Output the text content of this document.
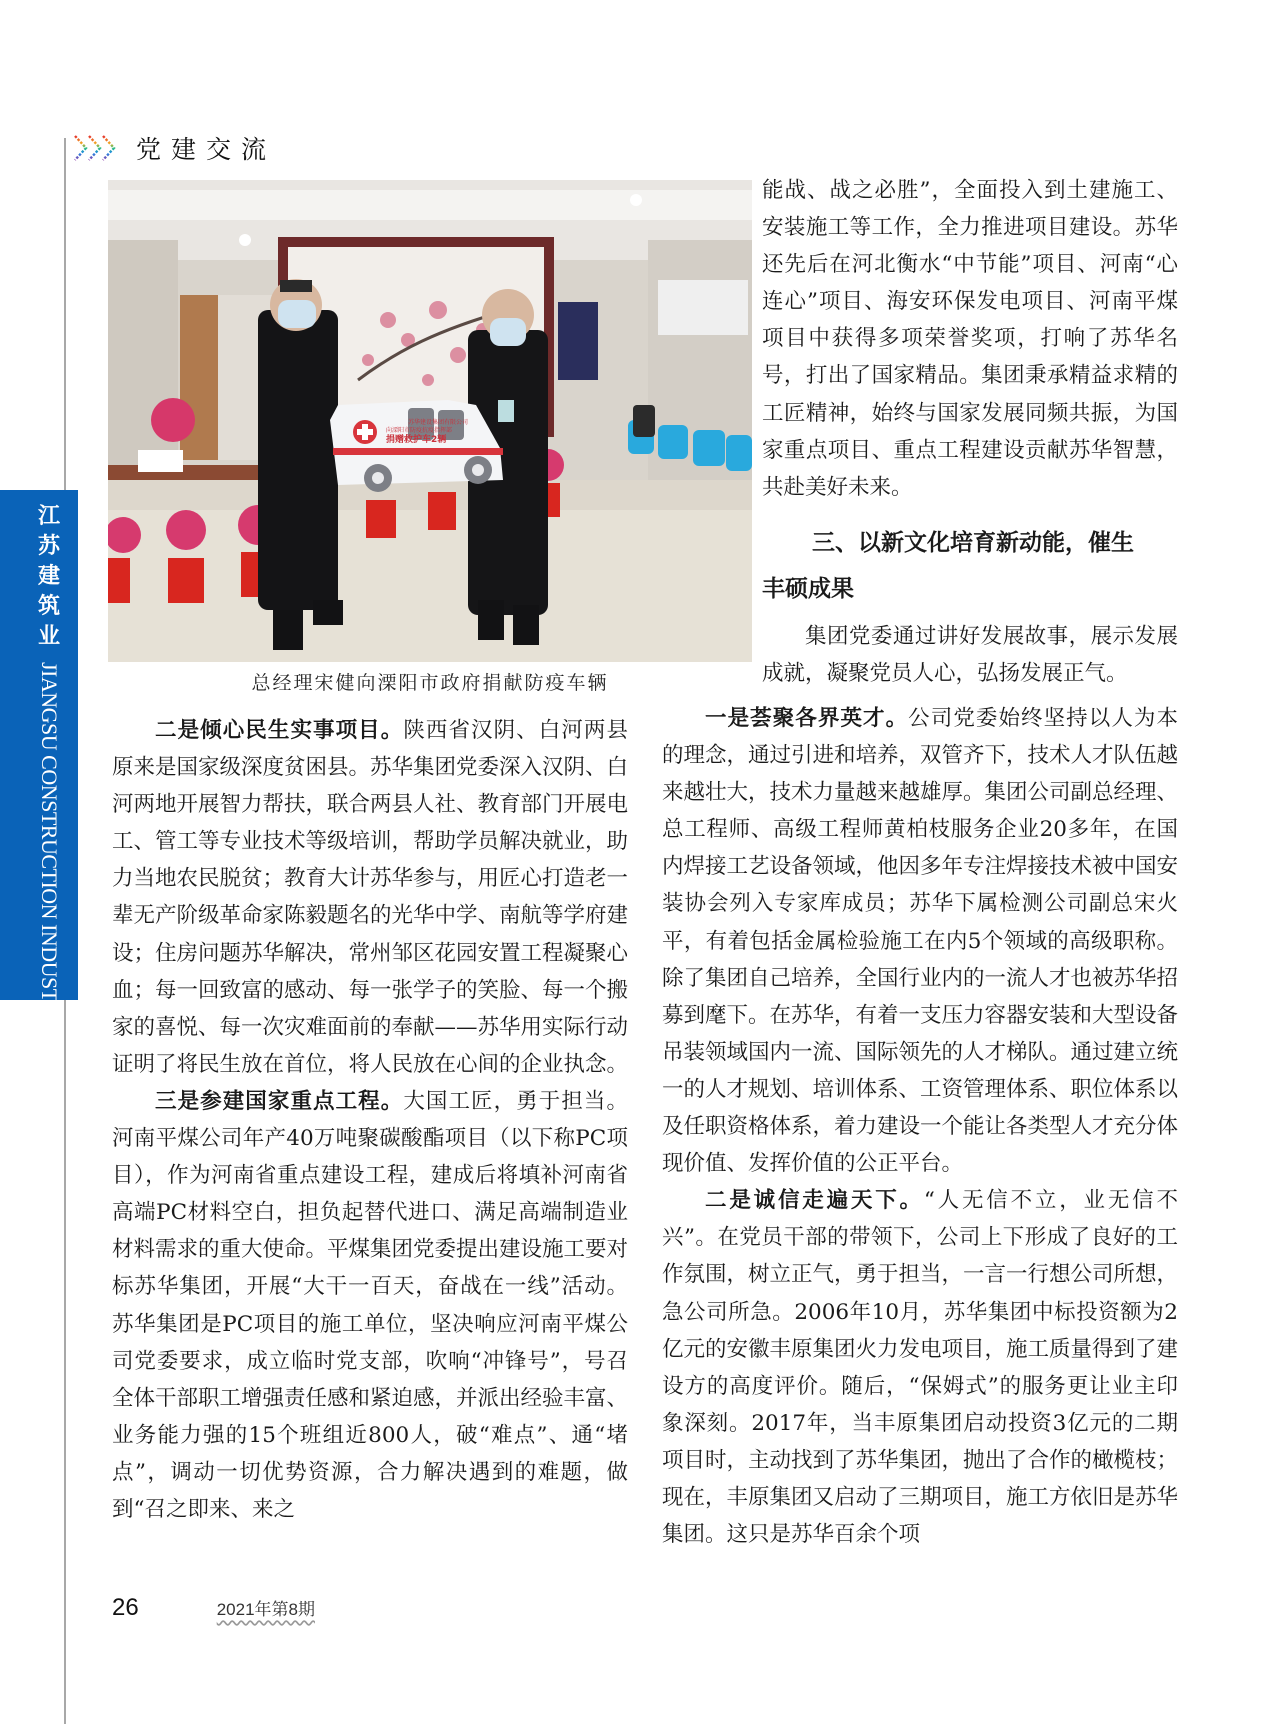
江
苏
建
筑
业
JIANGSU CONSTRUCTION INDUSTRY
党建交流
苏华建设集团有限公司
向溧阳市防疫抗疫指挥部
捐赠救护车2辆
总经理宋健向溧阳市政府捐献防疫车辆

能战、战之必胜”，全面投入到土建施工、安装施工等工作，全力推进项目建设。苏华还先后在河北衡水“中节能”项目、河南“心连心”项目、海安环保发电项目、河南平煤项目中获得多项荣誉奖项，打响了苏华名号，打出了国家精品。集团秉承精益求精的工匠精神，始终与国家发展同频共振，为国家重点项目、重点工程建设贡献苏华智慧，共赴美好未来。

三、以新文化培育新动能，催生
丰硕成果

集团党委通过讲好发展故事，展示发展成就，凝聚党员人心，弘扬发展正气。

一是荟聚各界英才。公司党委始终坚持以人为本的理念，通过引进和培养，双管齐下，技术人才队伍越来越壮大，技术力量越来越雄厚。集团公司副总经理、总工程师、高级工程师黄柏枝服务企业20多年，在国内焊接工艺设备领域，他因多年专注焊接技术被中国安装协会列入专家库成员；苏华下属检测公司副总宋火平，有着包括金属检验施工在内5个领域的高级职称。除了集团自己培养，全国行业内的一流人才也被苏华招募到麾下。在苏华，有着一支压力容器安装和大型设备吊装领域国内一流、国际领先的人才梯队。通过建立统一的人才规划、培训体系、工资管理体系、职位体系以及任职资格体系，着力建设一个能让各类型人才充分体现价值、发挥价值的公正平台。

二是诚信走遍天下。“人无信不立，业无信不兴”。在党员干部的带领下，公司上下形成了良好的工作氛围，树立正气，勇于担当，一言一行想公司所想，急公司所急。2006年10月，苏华集团中标投资额为2亿元的安徽丰原集团火力发电项目，施工质量得到了建设方的高度评价。随后，“保姆式”的服务更让业主印象深刻。2017年，当丰原集团启动投资3亿元的二期项目时，主动找到了苏华集团，抛出了合作的橄榄枝；现在，丰原集团又启动了三期项目，施工方依旧是苏华集团。这只是苏华百余个项

二是倾心民生实事项目。陕西省汉阴、白河两县原来是国家级深度贫困县。苏华集团党委深入汉阴、白河两地开展智力帮扶，联合两县人社、教育部门开展电工、管工等专业技术等级培训，帮助学员解决就业，助力当地农民脱贫；教育大计苏华参与，用匠心打造老一辈无产阶级革命家陈毅题名的光华中学、南航等学府建设；住房问题苏华解决，常州邹区花园安置工程凝聚心血；每一回致富的感动、每一张学子的笑脸、每一个搬家的喜悦、每一次灾难面前的奉献——苏华用实际行动证明了将民生放在首位，将人民放在心间的企业执念。

三是参建国家重点工程。大国工匠，勇于担当。河南平煤公司年产40万吨聚碳酸酯项目（以下称PC项目），作为河南省重点建设工程，建成后将填补河南省高端PC材料空白，担负起替代进口、满足高端制造业材料需求的重大使命。平煤集团党委提出建设施工要对标苏华集团，开展“大干一百天，奋战在一线”活动。苏华集团是PC项目的施工单位，坚决响应河南平煤公司党委要求，成立临时党支部，吹响“冲锋号”，号召全体干部职工增强责任感和紧迫感，并派出经验丰富、业务能力强的15个班组近800人，破“难点”、通“堵点”，调动一切优势资源，合力解决遇到的难题，做到“召之即来、来之

26	2021年第8期
